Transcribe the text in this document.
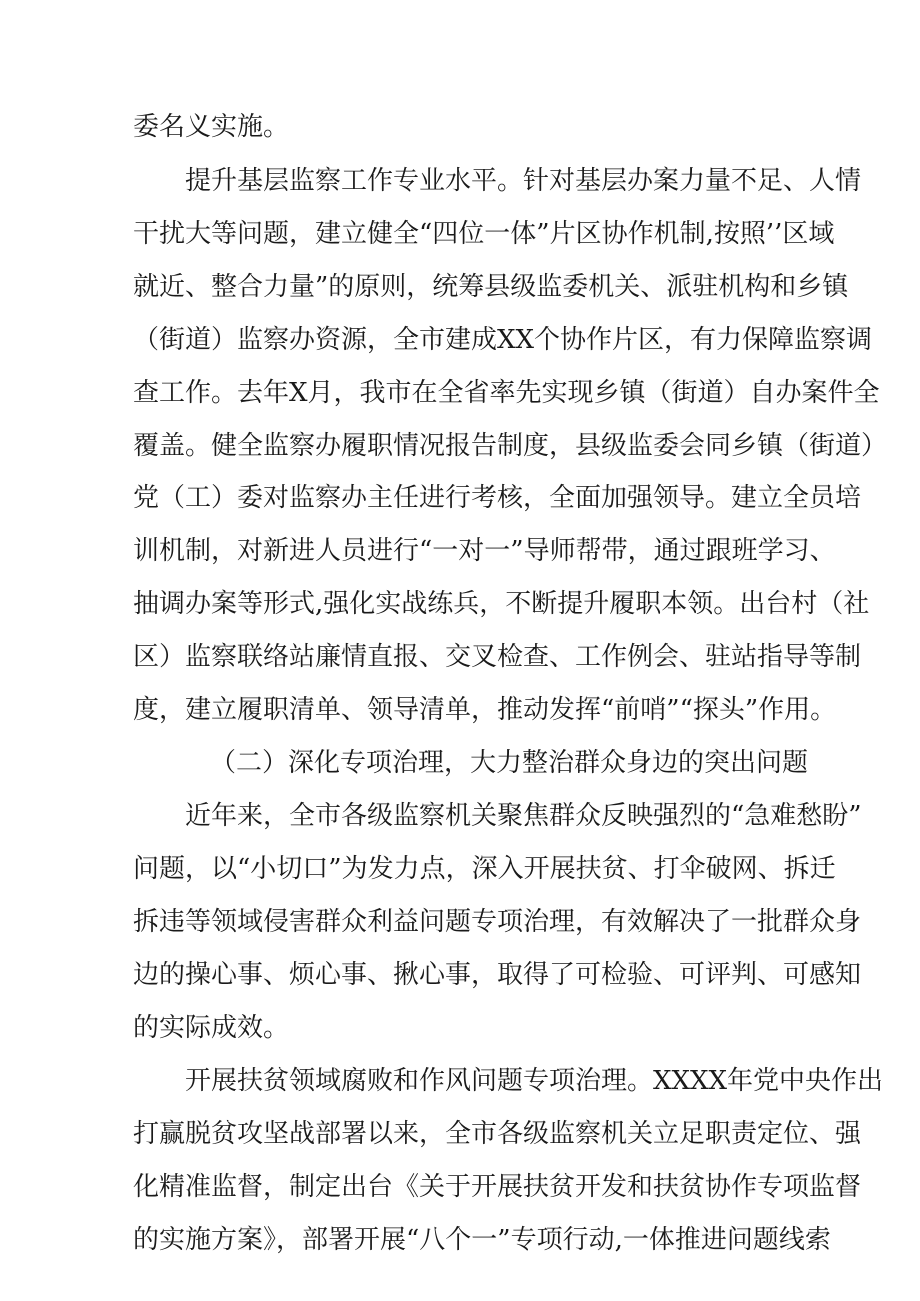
委名义实施。
提升基层监察工作专业水平。针对基层办案力量不足、人情
干扰大等问题，建立健全“四位一体”片区协作机制,按照’’区域
就近、整合力量”的原则，统筹县级监委机关、派驻机构和乡镇
（街道）监察办资源，全市建成XX个协作片区，有力保障监察调
查工作。去年X月，我市在全省率先实现乡镇（街道）自办案件全
覆盖。健全监察办履职情况报告制度，县级监委会同乡镇（街道）
党（工）委对监察办主任进行考核，全面加强领导。建立全员培
训机制，对新进人员进行“一对一”导师帮带，通过跟班学习、
抽调办案等形式,强化实战练兵，不断提升履职本领。出台村（社
区）监察联络站廉情直报、交叉检查、工作例会、驻站指导等制
度，建立履职清单、领导清单，推动发挥“前哨”“探头”作用。
（二）深化专项治理，大力整治群众身边的突出问题
近年来，全市各级监察机关聚焦群众反映强烈的“急难愁盼”
问题，以“小切口”为发力点，深入开展扶贫、打伞破网、拆迁
拆违等领域侵害群众利益问题专项治理，有效解决了一批群众身
边的操心事、烦心事、揪心事，取得了可检验、可评判、可感知
的实际成效。
开展扶贫领域腐败和作风问题专项治理。XXXX年党中央作出
打赢脱贫攻坚战部署以来，全市各级监察机关立足职责定位、强
化精准监督，制定出台《关于开展扶贫开发和扶贫协作专项监督
的实施方案》，部署开展“八个一”专项行动,一体推进问题线索
